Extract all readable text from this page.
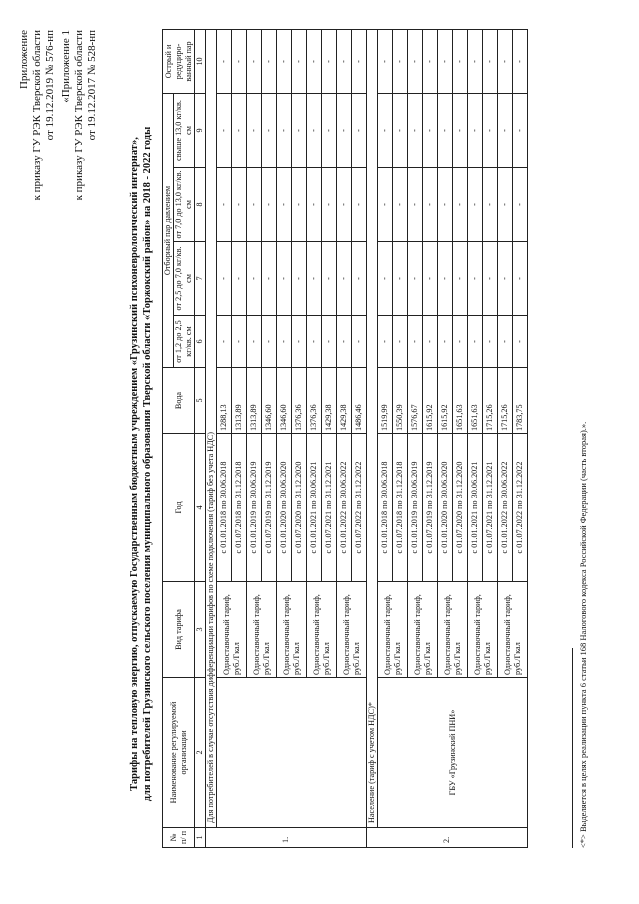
Приложение к приказу ГУ РЭК Тверской области от 19.12.2019 № 576-нп «Приложение 1 к приказу ГУ РЭК Тверской области от 19.12.2017 № 528-нп
Тарифы на тепловую энергию, отпускаемую Государственным бюджетным учреждением «Грузинский психоневрологический интернат», для потребителей Грузинского сельского поселения муниципального образования Тверской области «Торжокский район» на 2018 - 2022 годы
№ п/ п	Наименование регулируемой организации	Вид тарифа	Год	Вода	Отборный пар давлением				Острый и редуциро-ванный пар
					от 1,2 до 2,5 кг/кв. см	от 2,5 до 7,0 кг/кв. см	от 7,0 до 13,0 кг/кв. см	свыше 13,0 кг/кв. см	
1	2	3	4	5	6	7	8	9	10
1.	Для потребителей в случае отсутствия дифференциации тарифов по схеме подключения (тариф без учета НДС)								
		Одноставочный тариф, руб./Гкал	с 01.01.2018 по 30.06.2018	1288,13	-	-	-	-	-
			с 01.07.2018 по 31.12.2018	1313,89	-	-	-	-	-
		Одноставочный тариф, руб./Гкал	с 01.01.2019 по 30.06.2019	1313,89	-	-	-	-	-
			с 01.07.2019 по 31.12.2019	1346,60	-	-	-	-	-
		Одноставочный тариф, руб./Гкал	с 01.01.2020 по 30.06.2020	1346,60	-	-	-	-	-
			с 01.07.2020 по 31.12.2020	1376,36	-	-	-	-	-
		Одноставочный тариф, руб./Гкал	с 01.01.2021 по 30.06.2021	1376,36	-	-	-	-	-
			с 01.07.2021 по 31.12.2021	1429,38	-	-	-	-	-
		Одноставочный тариф, руб./Гкал	с 01.01.2022 по 30.06.2022	1429,38	-	-	-	-	-
			с 01.07.2022 по 31.12.2022	1486,46	-	-	-	-	-
2.	Население (тариф с учетом НДС)*								
	ГБУ «Грузинский ПНИ»	Одноставочный тариф, руб./Гкал	с 01.01.2018 по 30.06.2018	1519,99	-	-	-	-	-
			с 01.07.2018 по 31.12.2018	1550,39	-	-	-	-	-
		Одноставочный тариф, руб./Гкал	с 01.01.2019 по 30.06.2019	1576,67	-	-	-	-	-
			с 01.07.2019 по 31.12.2019	1615,92	-	-	-	-	-
		Одноставочный тариф, руб./Гкал	с 01.01.2020 по 30.06.2020	1615,92	-	-	-	-	-
			с 01.07.2020 по 31.12.2020	1651,63	-	-	-	-	-
		Одноставочный тариф, руб./Гкал	с 01.01.2021 по 30.06.2021	1651,63	-	-	-	-	-
			с 01.07.2021 по 31.12.2021	1715,26	-	-	-	-	-
		Одноставочный тариф, руб./Гкал	с 01.01.2022 по 30.06.2022	1715,26	-	-	-	-	-
			с 01.07.2022 по 31.12.2022	1783,75	-	-	-	-	-
<*> Выделяется в целях реализации пункта 6 статьи 168 Налогового кодекса Российской Федерации (часть вторая).».
